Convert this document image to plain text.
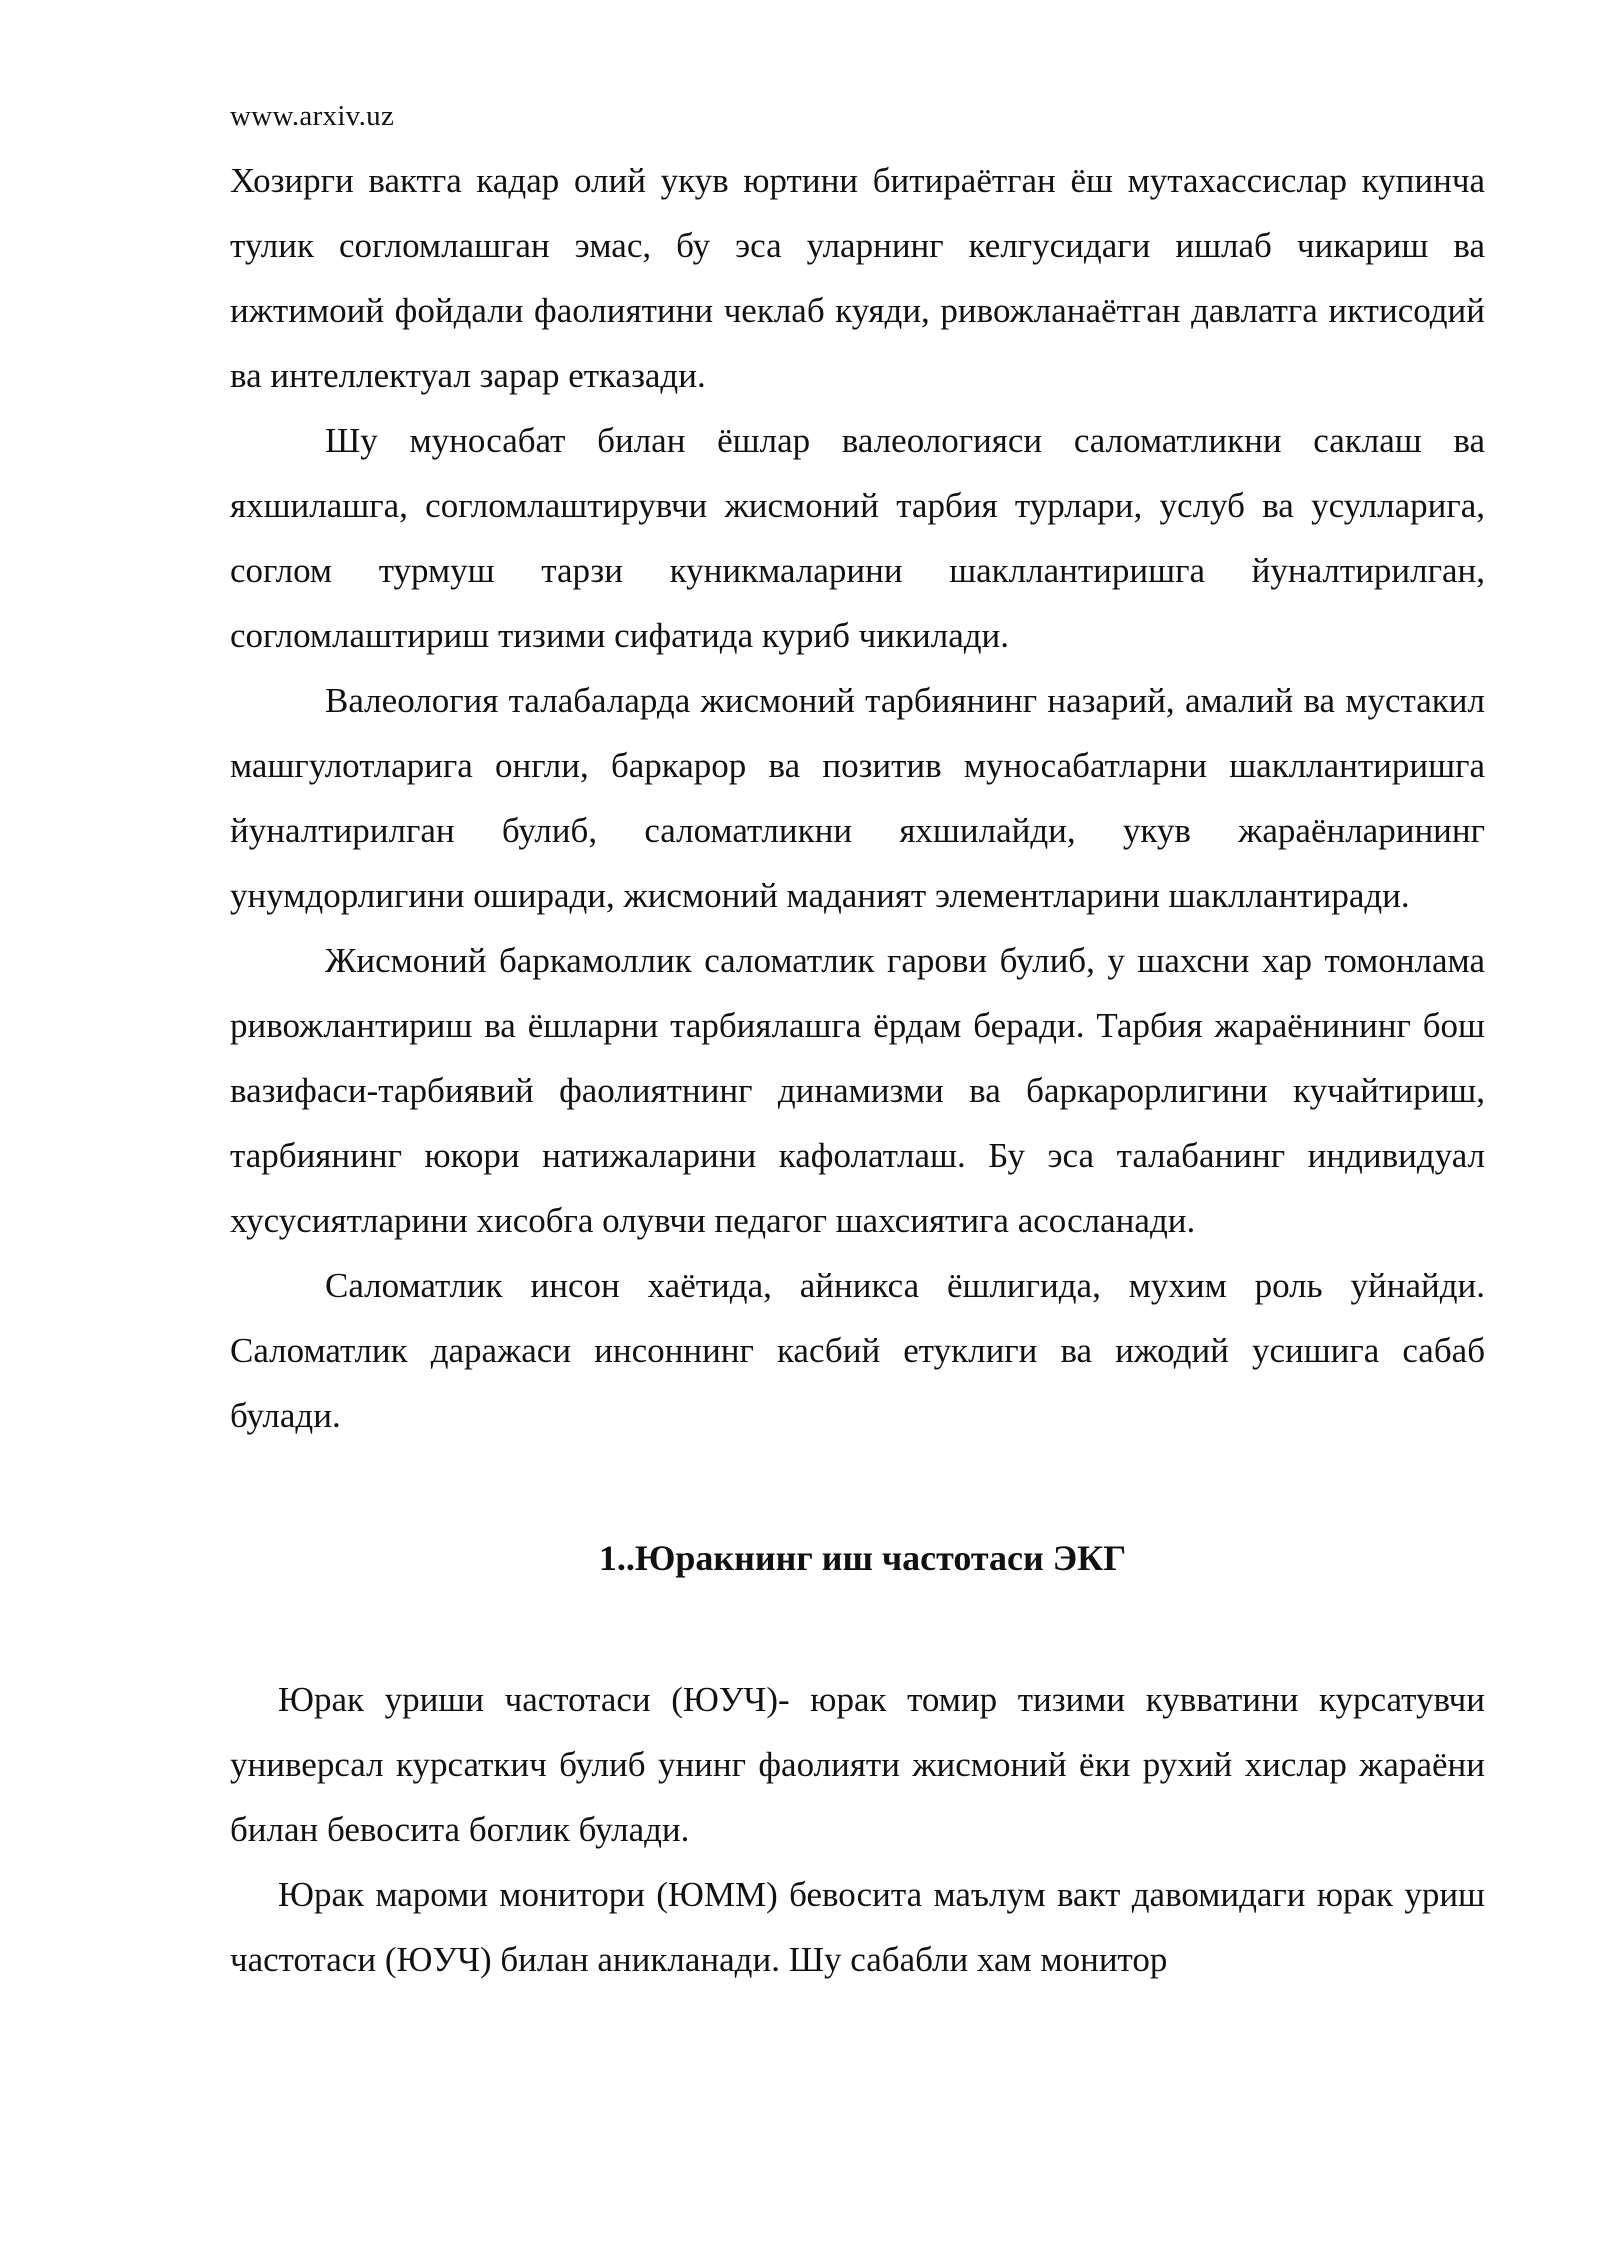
www.arxiv.uz

Хозирги вактга кадар олий укув юртини битираётган ёш мутахассислар купинча тулик согломлашган эмас, бу эса уларнинг келгусидаги ишлаб чикариш ва ижтимоий фойдали фаолиятини чеклаб куяди, ривожланаётган давлатга иктисодий ва интеллектуал зарар етказади.

Шу муносабат билан ёшлар валеологияси саломатликни саклаш ва яхшилашга, согломлаштирувчи жисмоний тарбия турлари, услуб ва усулларига, соглом турмуш тарзи куникмаларини шакллантиришга йуналтирилган, согломлаштириш тизими сифатида куриб чикилади.

Валеология талабаларда жисмоний тарбиянинг назарий, амалий ва мустакил машгулотларига онгли, баркарор ва позитив муносабатларни шакллантиришга йуналтирилган булиб, саломатликни яхшилайди, укув жараёнларининг унумдорлигини оширади, жисмоний маданият элементларини шакллантиради.

Жисмоний баркамоллик саломатлик гарови булиб, у шахсни хар томонлама ривожлантириш ва ёшларни тарбиялашга ёрдам беради. Тарбия жараёнининг бош вазифаси-тарбиявий фаолиятнинг динамизми ва баркарорлигини кучайтириш, тарбиянинг юкори натижаларини кафолатлаш. Бу эса талабанинг индивидуал хусусиятларини хисобга олувчи педагог шахсиятига асосланади.

Саломатлик инсон хаётида, айникса ёшлигида, мухим роль уйнайди. Саломатлик даражаси инсоннинг касбий етуклиги ва ижодий усишига сабаб булади.

1..Юракнинг иш частотаси ЭКГ

Юрак уриши частотаси (ЮУЧ)- юрак томир тизими кувватини курсатувчи универсал курсаткич булиб унинг фаолияти жисмоний ёки рухий хислар жараёни билан бевосита боглик булади.

Юрак мароми монитори (ЮММ) бевосита маълум вакт давомидаги юрак уриш частотаси (ЮУЧ) билан аникланади. Шу сабабли хам монитор
